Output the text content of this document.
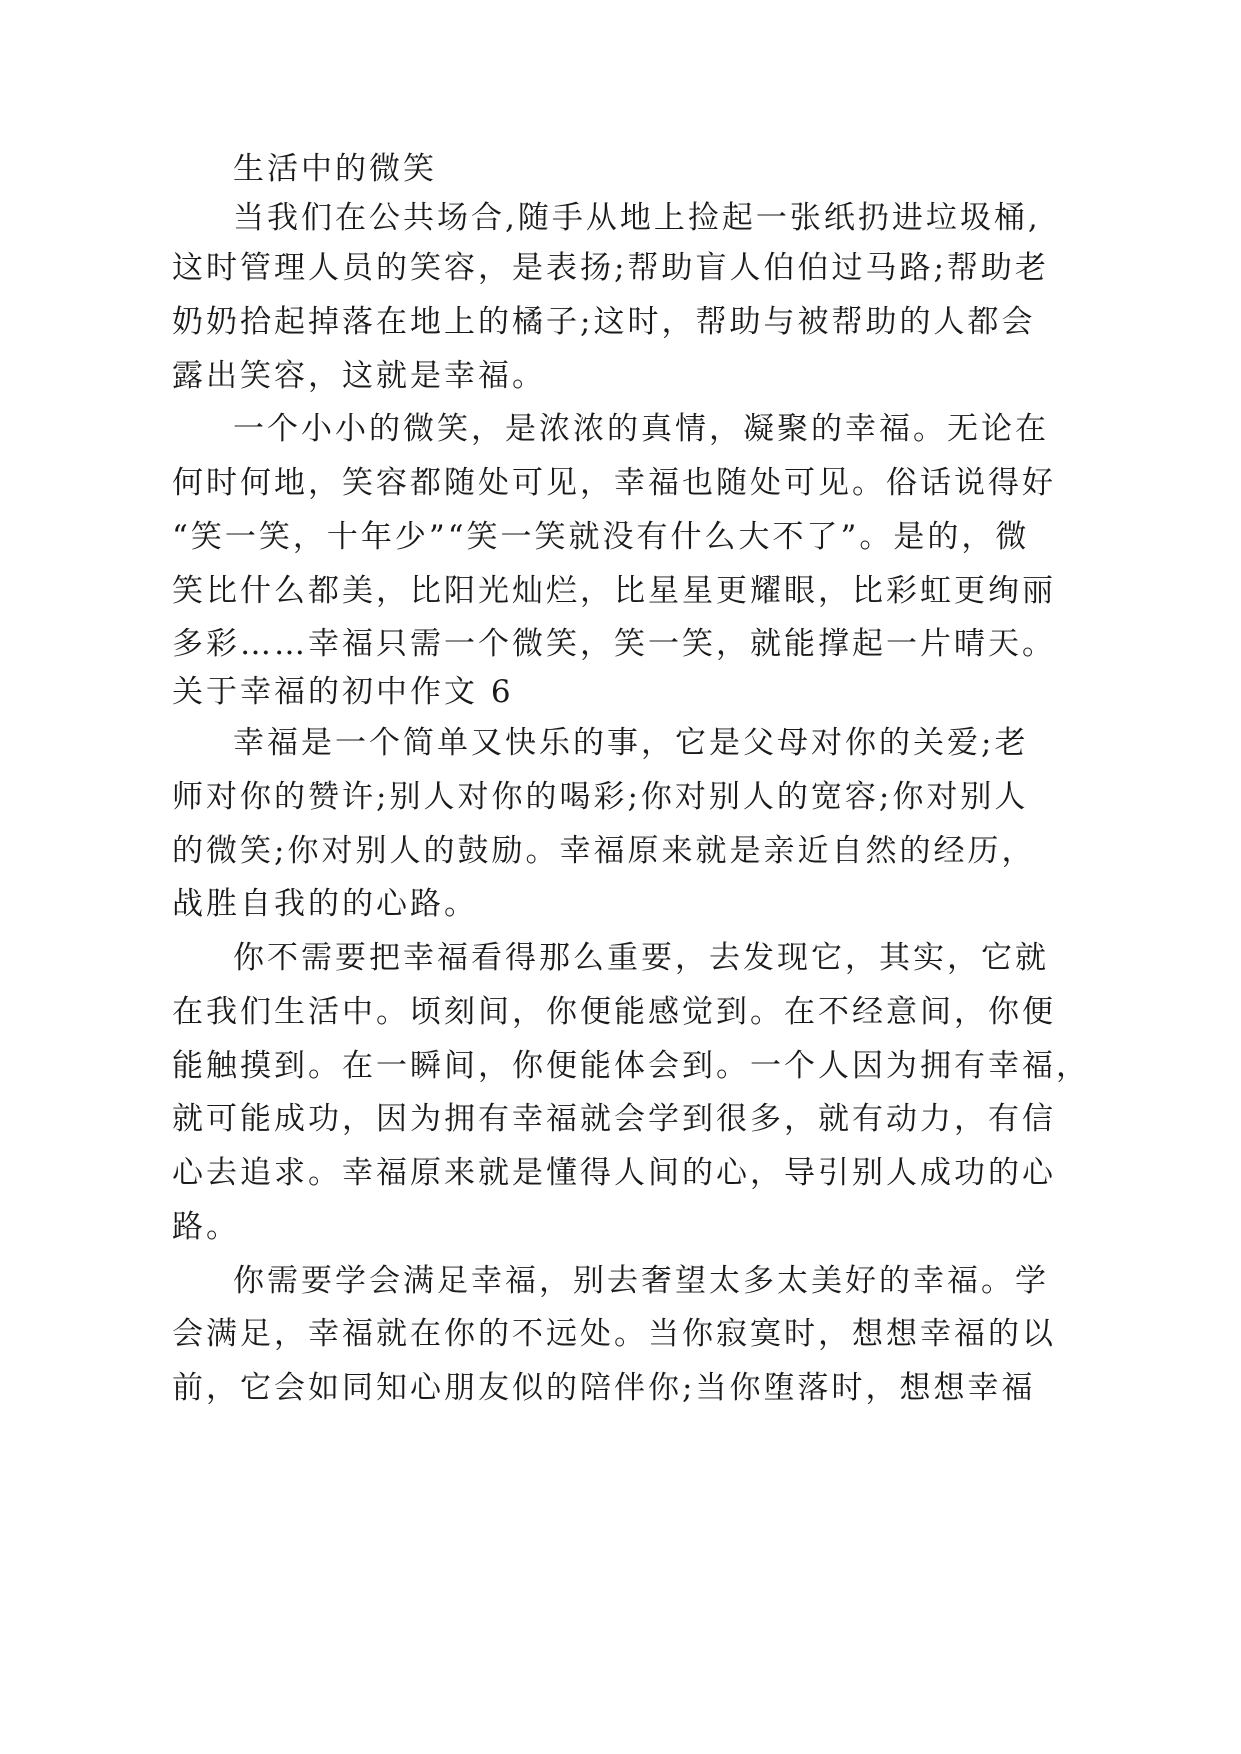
生活中的微笑
当我们在公共场合,随手从地上捡起一张纸扔进垃圾桶,
这时管理人员的笑容，是表扬;帮助盲人伯伯过马路;帮助老
奶奶拾起掉落在地上的橘子;这时，帮助与被帮助的人都会
露出笑容，这就是幸福。
一个小小的微笑，是浓浓的真情，凝聚的幸福。无论在
何时何地，笑容都随处可见，幸福也随处可见。俗话说得好
“笑一笑，十年少”“笑一笑就没有什么大不了”。是的，微
笑比什么都美，比阳光灿烂，比星星更耀眼，比彩虹更绚丽
多彩……幸福只需一个微笑，笑一笑，就能撑起一片晴天。
关于幸福的初中作文 6
幸福是一个简单又快乐的事，它是父母对你的关爱;老
师对你的赞许;别人对你的喝彩;你对别人的宽容;你对别人
的微笑;你对别人的鼓励。幸福原来就是亲近自然的经历，
战胜自我的的心路。
你不需要把幸福看得那么重要，去发现它，其实，它就
在我们生活中。顷刻间，你便能感觉到。在不经意间，你便
能触摸到。在一瞬间，你便能体会到。一个人因为拥有幸福，
就可能成功，因为拥有幸福就会学到很多，就有动力，有信
心去追求。幸福原来就是懂得人间的心，导引别人成功的心
路。
你需要学会满足幸福，别去奢望太多太美好的幸福。学
会满足，幸福就在你的不远处。当你寂寞时，想想幸福的以
前，它会如同知心朋友似的陪伴你;当你堕落时，想想幸福
